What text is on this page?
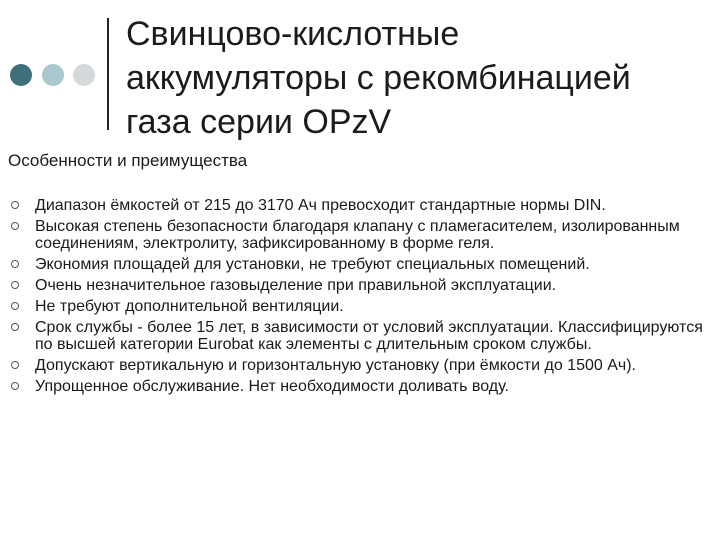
Свинцово-кислотные
аккумуляторы с рекомбинацией
газа серии OPzV
Особенности и преимущества
Диапазон ёмкостей от 215 до 3170 Ач превосходит стандартные нормы DIN.
Высокая степень безопасности благодаря клапану с пламегасителем, изолированным соединениям, электролиту, зафиксированному в форме геля.
Экономия площадей для установки, не требуют специальных помещений.
Очень незначительное газовыделение при правильной эксплуатации.
Не требуют дополнительной вентиляции.
Срок службы - более 15 лет, в зависимости от условий эксплуатации. Классифицируются по высшей категории Eurobat как элементы с длительным сроком службы.
Допускают вертикальную и горизонтальную установку (при ёмкости до 1500 Ач).
Упрощенное обслуживание. Нет необходимости доливать воду.
